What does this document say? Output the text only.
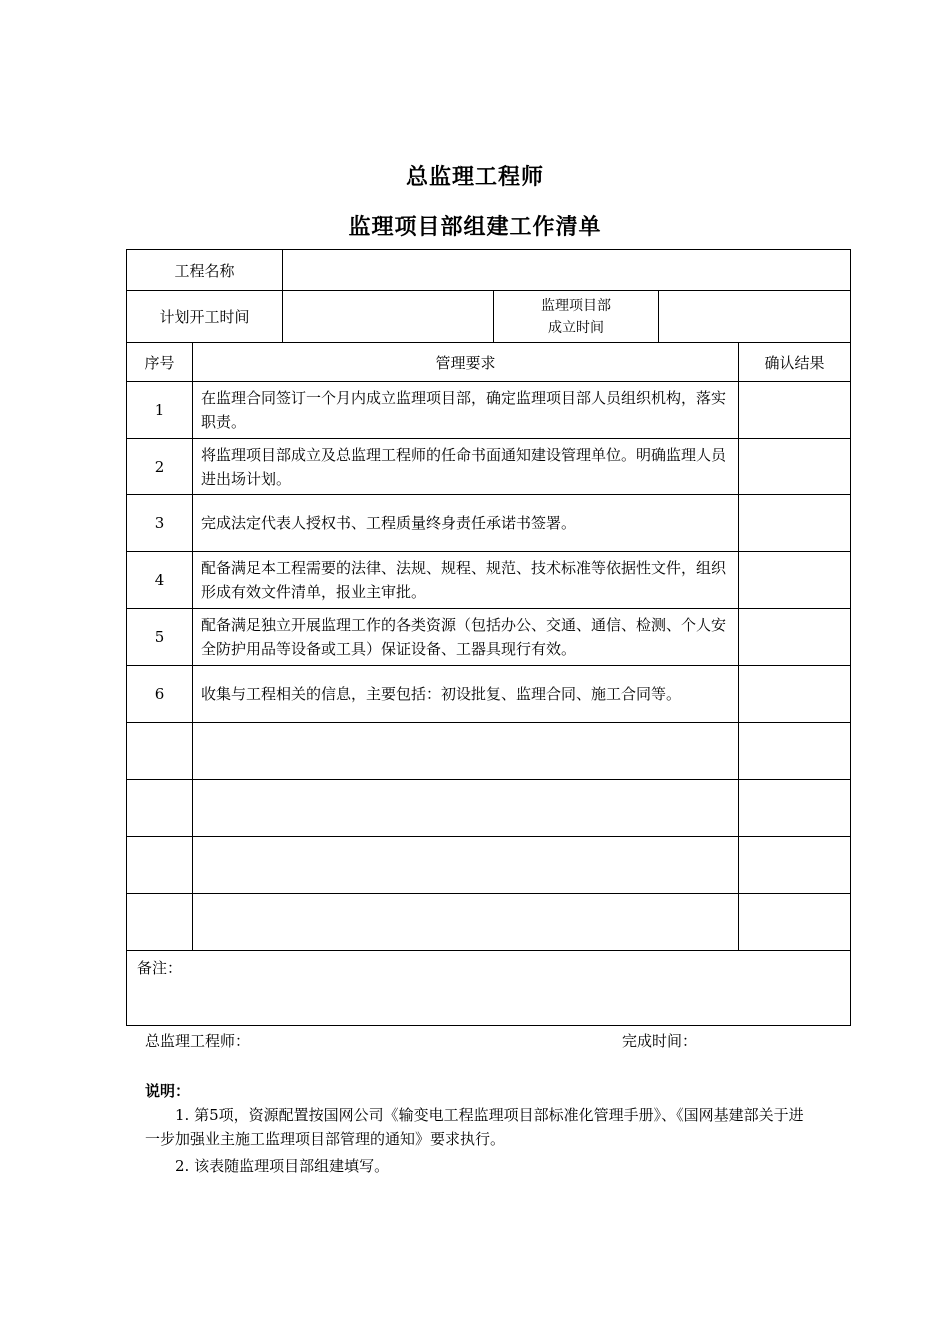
总监理工程师
监理项目部组建工作清单
工程名称					
计划开工时间			监理项目部
成立时间		

序号	管理要求				确认结果
1	在监理合同签订一个月内成立监理项目部，确定监理项目部人员组织机构，落实职责。				
2	将监理项目部成立及总监理工程师的任命书面通知建设管理单位。明确监理人员进出场计划。				
3	完成法定代表人授权书、工程质量终身责任承诺书签署。				
4	配备满足本工程需要的法律、法规、规程、规范、技术标准等依据性文件，组织形成有效文件清单，报业主审批。				
5	配备满足独立开展监理工作的各类资源（包括办公、交通、通信、检测、个人安全防护用品等设备或工具）保证设备、工器具现行有效。				
6	收集与工程相关的信息，主要包括：初设批复、监理合同、施工合同等。				

备注：					
总监理工程师：	完成时间：
说明：
1. 第5项，资源配置按国网公司《输变电工程监理项目部标准化管理手册》、《国网基建部关于进一步加强业主施工监理项目部管理的通知》要求执行。
2. 该表随监理项目部组建填写。
